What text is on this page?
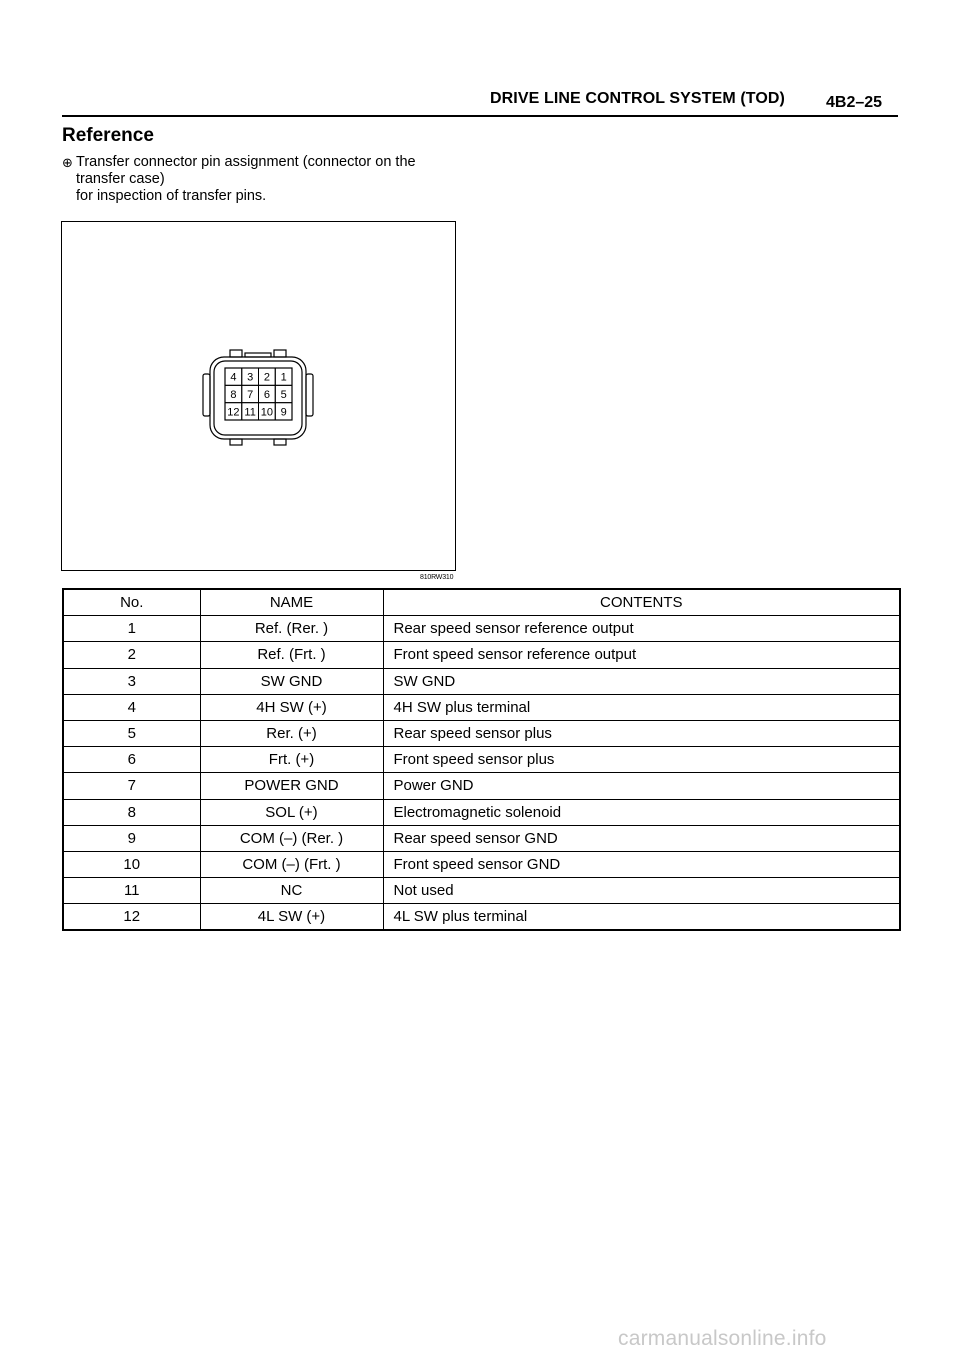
DRIVE LINE CONTROL SYSTEM (TOD)	4B2–25
Reference
⊕ Transfer connector pin assignment (connector on the
transfer case)
for inspection of transfer pins.
4 3 2 1
8 7 6 5
12 11 10 9
810RW310
No.	NAME	CONTENTS
1	Ref. (Rer. )	Rear speed sensor reference output
2	Ref. (Frt. )	Front speed sensor reference output
3	SW GND	SW GND
4	4H SW (+)	4H SW plus terminal
5	Rer. (+)	Rear speed sensor plus
6	Frt. (+)	Front speed sensor plus
7	POWER GND	Power GND
8	SOL (+)	Electromagnetic solenoid
9	COM (–) (Rer. )	Rear speed sensor GND
10	COM (–) (Frt. )	Front speed sensor GND
11	NC	Not used
12	4L SW (+)	4L SW plus terminal
carmanualsonline.info
